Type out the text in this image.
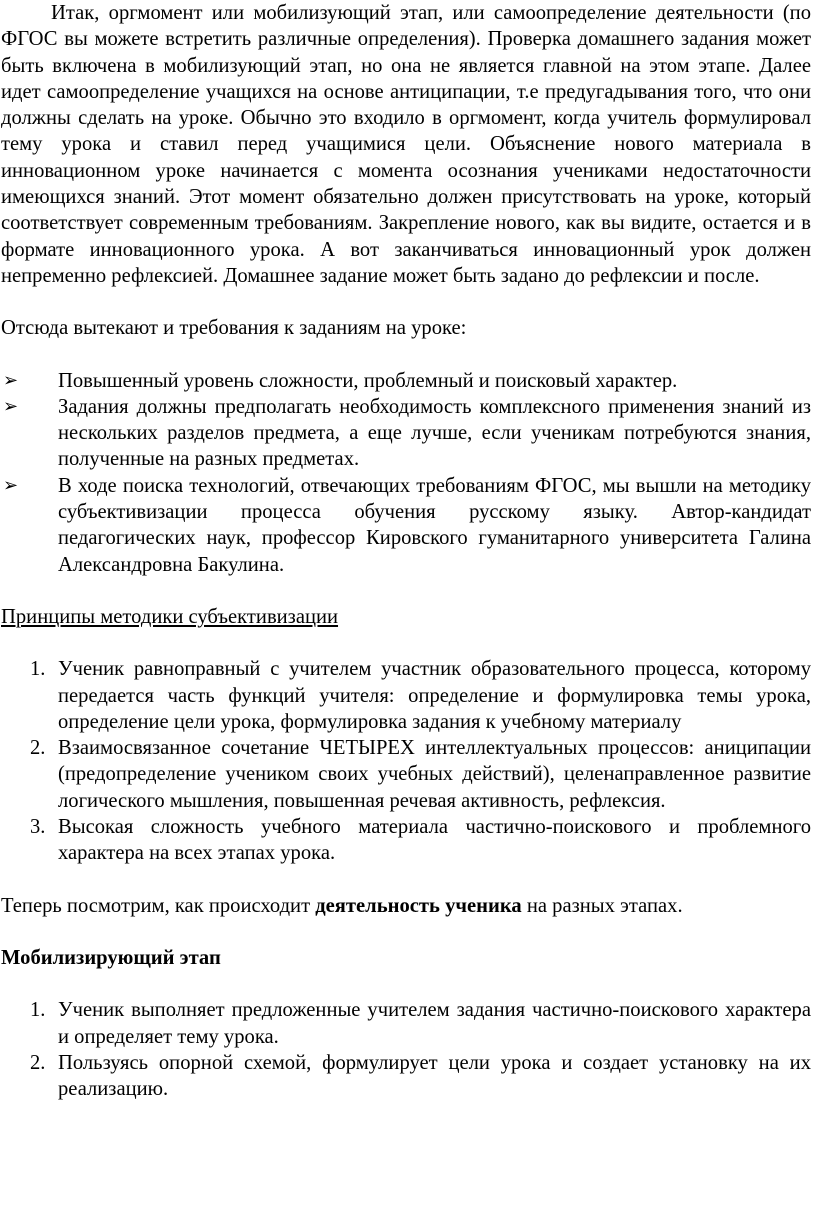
Итак, оргмомент или мобилизующий этап, или самоопределение деятельности (по ФГОС вы можете встретить различные определения). Проверка домашнего задания может быть включена в мобилизующий этап, но она не является главной на этом этапе. Далее идет самоопределение учащихся на основе антиципации, т.е предугадывания того, что они должны сделать на уроке. Обычно это входило в оргмомент, когда учитель формулировал тему урока и ставил перед учащимися цели. Объяснение нового материала в инновационном уроке начинается с момента осознания учениками недостаточности имеющихся знаний. Этот момент обязательно должен присутствовать на уроке, который соответствует современным требованиям. Закрепление нового, как вы видите, остается и в формате инновационного урока. А вот заканчиваться инновационный урок должен непременно рефлексией. Домашнее задание может быть задано до рефлексии и после.

Отсюда вытекают и требования к заданиям на уроке:

➢ Повышенный уровень сложности, проблемный и поисковый характер.
➢ Задания должны предполагать необходимость комплексного применения знаний из нескольких разделов предмета, а еще лучше, если ученикам потребуются знания, полученные на разных предметах.
➢ В ходе поиска технологий, отвечающих требованиям ФГОС, мы вышли на методику субъективизации процесса обучения русскому языку. Автор-кандидат педагогических наук, профессор Кировского гуманитарного университета Галина Александровна Бакулина.

Принципы методики субъективизации

1. Ученик равноправный с учителем участник образовательного процесса, которому передается часть функций учителя: определение и формулировка темы урока, определение цели урока, формулировка задания к учебному материалу
2. Взаимосвязанное сочетание ЧЕТЫРЕХ интеллектуальных процессов: аниципации (предопределение учеником своих учебных действий), целенаправленное развитие логического мышления, повышенная речевая активность, рефлексия.
3. Высокая сложность учебного материала частично-поискового и проблемного характера на всех этапах урока.

Теперь посмотрим, как происходит деятельность ученика на разных этапах.

Мобилизирующий этап

1. Ученик выполняет предложенные учителем задания частично-поискового характера и определяет тему урока.
2. Пользуясь опорной схемой, формулирует цели урока и создает установку на их реализацию.
